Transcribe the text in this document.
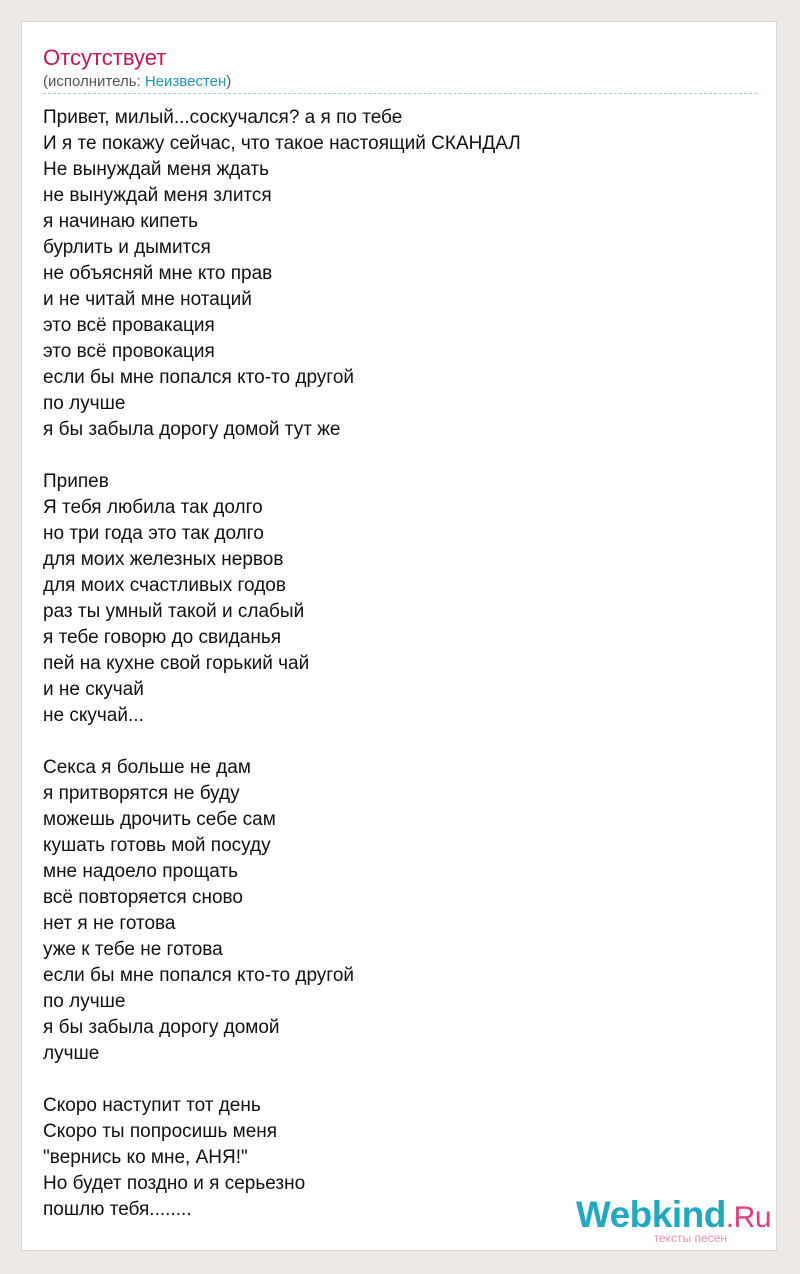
Отсутствует
(исполнитель: Неизвестен)
Привет, милый...соскучался? а я по тебе
И я те покажу сейчас, что такое настоящий СКАНДАЛ
Не вынуждай меня ждать
не вынуждай меня злится
я начинаю кипеть
бурлить и дымится
не объясняй мне кто прав
и не читай мне нотаций
это всё провакация
это всё провокация
если бы мне попался кто-то другой
по лучше
я бы забыла дорогу домой тут же
Припев
Я тебя любила так долго
но три года это так долго
для моих железных нервов
для моих счастливых годов
раз ты умный такой и слабый
я тебе говорю до свиданья
пей на кухне свой горький чай
и не скучай
не скучай...
Секса я больше не дам
я притворятся не буду
можешь дрочить себе сам
кушать готовь мой посуду
мне надоело прощать
всё повторяется сново
нет я не готова
уже к тебе не готова
если бы мне попался кто-то другой
по лучше
я бы забыла дорогу домой
лучше
Скоро наступит тот день
Скоро ты попросишь меня
"вернись ко мне, АНЯ!"
Но будет поздно и я серьезно
пошлю тебя........	Webkind.Ru
тексты песен
